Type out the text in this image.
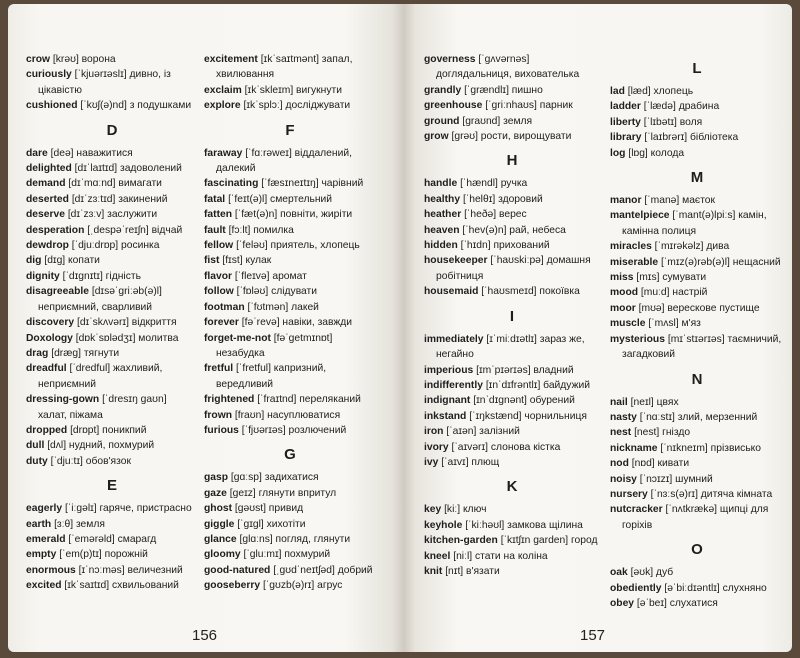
crow [krəʊ] ворона
curiously [ˈkjuərɪəslɪ] дивно, із цікавістю
cushioned [ˈkʊʃ(ə)nd] з подушками
D
dare [deə] наважитися
delighted [dɪˈlaɪtɪd] задоволений
demand [dɪˈmɑːnd] вимагати
deserted [dɪˈzɜːtɪd] закинений
deserve [dɪˈzɜːv] заслужити
desperation [ˌdespəˈreɪʃn] відчай
dewdrop [ˈdjuːdrɒp] росинка
dig [dɪɡ] копати
dignity [ˈdɪɡnɪtɪ] гідність
disagreeable [dɪsəˈɡriːəb(ə)l] неприємний, сварливий
discovery [dɪˈskʌvərɪ] відкриття
Doxology [dɒkˈsɒlədʒɪ] молитва
drag [dræɡ] тягнути
dreadful [ˈdredful] жахливий, неприємний
dressing-gown [ˈdresɪŋ ɡaʊn] халат, піжама
dropped [drɒpt] поникпий
dull [dʌl] нудний, похмурий
duty [ˈdjuːtɪ] обов'язок
E
eagerly [ˈiːɡəlɪ] гаряче, пристрасно
earth [ɜːθ] земля
emerald [ˈemərəld] смарагд
empty [ˈem(p)tɪ] порожній
enormous [ɪˈnɔːməs] величезний
excited [ɪkˈsaɪtɪd] схвильований
excitement [ɪkˈsaɪtmənt] запал, хвилювання
exclaim [ɪkˈskleɪm] вигукнути
explore [ɪkˈsplɔː] досліджувати
F
faraway [ˈfɑːrəweɪ] віддалений, далекий
fascinating [ˈfæsɪneɪtɪŋ] чарівний
fatal [ˈfeɪt(ə)l] смертельний
fatten [ˈfæt(ə)n] повніти, жиріти
fault [fɔːlt] помилка
fellow [ˈfeləʊ] приятель, хлопець
fist [fɪst] кулак
flavor [ˈfleɪvə] аромат
follow [ˈfɒləʊ] слідувати
footman [ˈfʊtmən] лакей
forever [fəˈrevə] навіки, завжди
forget-me-not [fəˈɡetmɪnɒt] незабудка
fretful [ˈfretful] капризний, вередливий
frightened [ˈfraɪtnd] переляканий
frown [fraʊn] насуплюватися
furious [ˈfjʊərɪəs] розлючений
G
gasp [ɡɑːsp] задихатися
gaze [ɡeɪz] глянути впритул
ghost [ɡəʊst] привид
giggle [ˈɡɪɡl] хихотіти
glance [ɡlɑːns] погляд, глянути
gloomy [ˈɡluːmɪ] похмурий
good-natured [ˌɡʊdˈneɪtʃəd] добрий
gooseberry [ˈɡʊzb(ə)rɪ] агрус
156
governess [ˈɡʌvərnəs] доглядальниця, вихователька
grandly [ˈɡrændlɪ] пишно
greenhouse [ˈɡriːnhaʊs] парник
ground [ɡraʊnd] земля
grow [ɡrəʊ] рости, вирощувати
H
handle [ˈhændl] ручка
healthy [ˈhelθɪ] здоровий
heather [ˈheðə] верес
heaven [ˈhev(ə)n] рай, небеса
hidden [ˈhɪdn] прихований
housekeeper [ˈhaʊskiːpə] домашня робітниця
housemaid [ˈhaʊsmeɪd] покоївка
I
immediately [ɪˈmiːdɪətlɪ] зараз же, негайно
imperious [ɪmˈpɪərɪəs] владний
indifferently [ɪnˈdɪfrəntlɪ] байдужий
indignant [ɪnˈdɪɡnənt] обурений
inkstand [ˈɪŋkstænd] чорнильниця
iron [ˈaɪən] залізний
ivory [ˈaɪvərɪ] слонова кістка
ivy [ˈaɪvɪ] плющ
K
key [kiː] ключ
keyhole [ˈkiːhəʊl] замкова щілина
kitchen-garden [ˈkɪtʃɪn garden] город
kneel [niːl] стати на коліна
knit [nɪt] в'язати
L
lad [læd] хлопець
ladder [ˈlædə] драбина
liberty [ˈlɪbətɪ] воля
library [ˈlaɪbrərɪ] бібліотека
log [lɒɡ] колода
M
manor [ˈmanə] маєток
mantelpiece [ˈmant(ə)lpiːs] камін, камінна полиця
miracles [ˈmɪrəkəlz] дива
miserable [ˈmɪz(ə)rəb(ə)l] нещасний
miss [mɪs] сумувати
mood [muːd] настрій
moor [mʊə] верескове пустище
muscle [ˈmʌsl] м'яз
mysterious [mɪˈstɪərɪəs] таємничий, загадковий
N
nail [neɪl] цвях
nasty [ˈnɑːstɪ] злий, мерзенний
nest [nest] гніздо
nickname [ˈnɪkneɪm] прізвисько
nod [nɒd] кивати
noisy [ˈnɔɪzɪ] шумний
nursery [ˈnɜːs(ə)rɪ] дитяча кімната
nutcracker [ˈnʌtkrækə] щипці для горіхів
O
oak [əʊk] дуб
obediently [əˈbiːdɪəntlɪ] слухняно
obey [əˈbeɪ] слухатися
157
